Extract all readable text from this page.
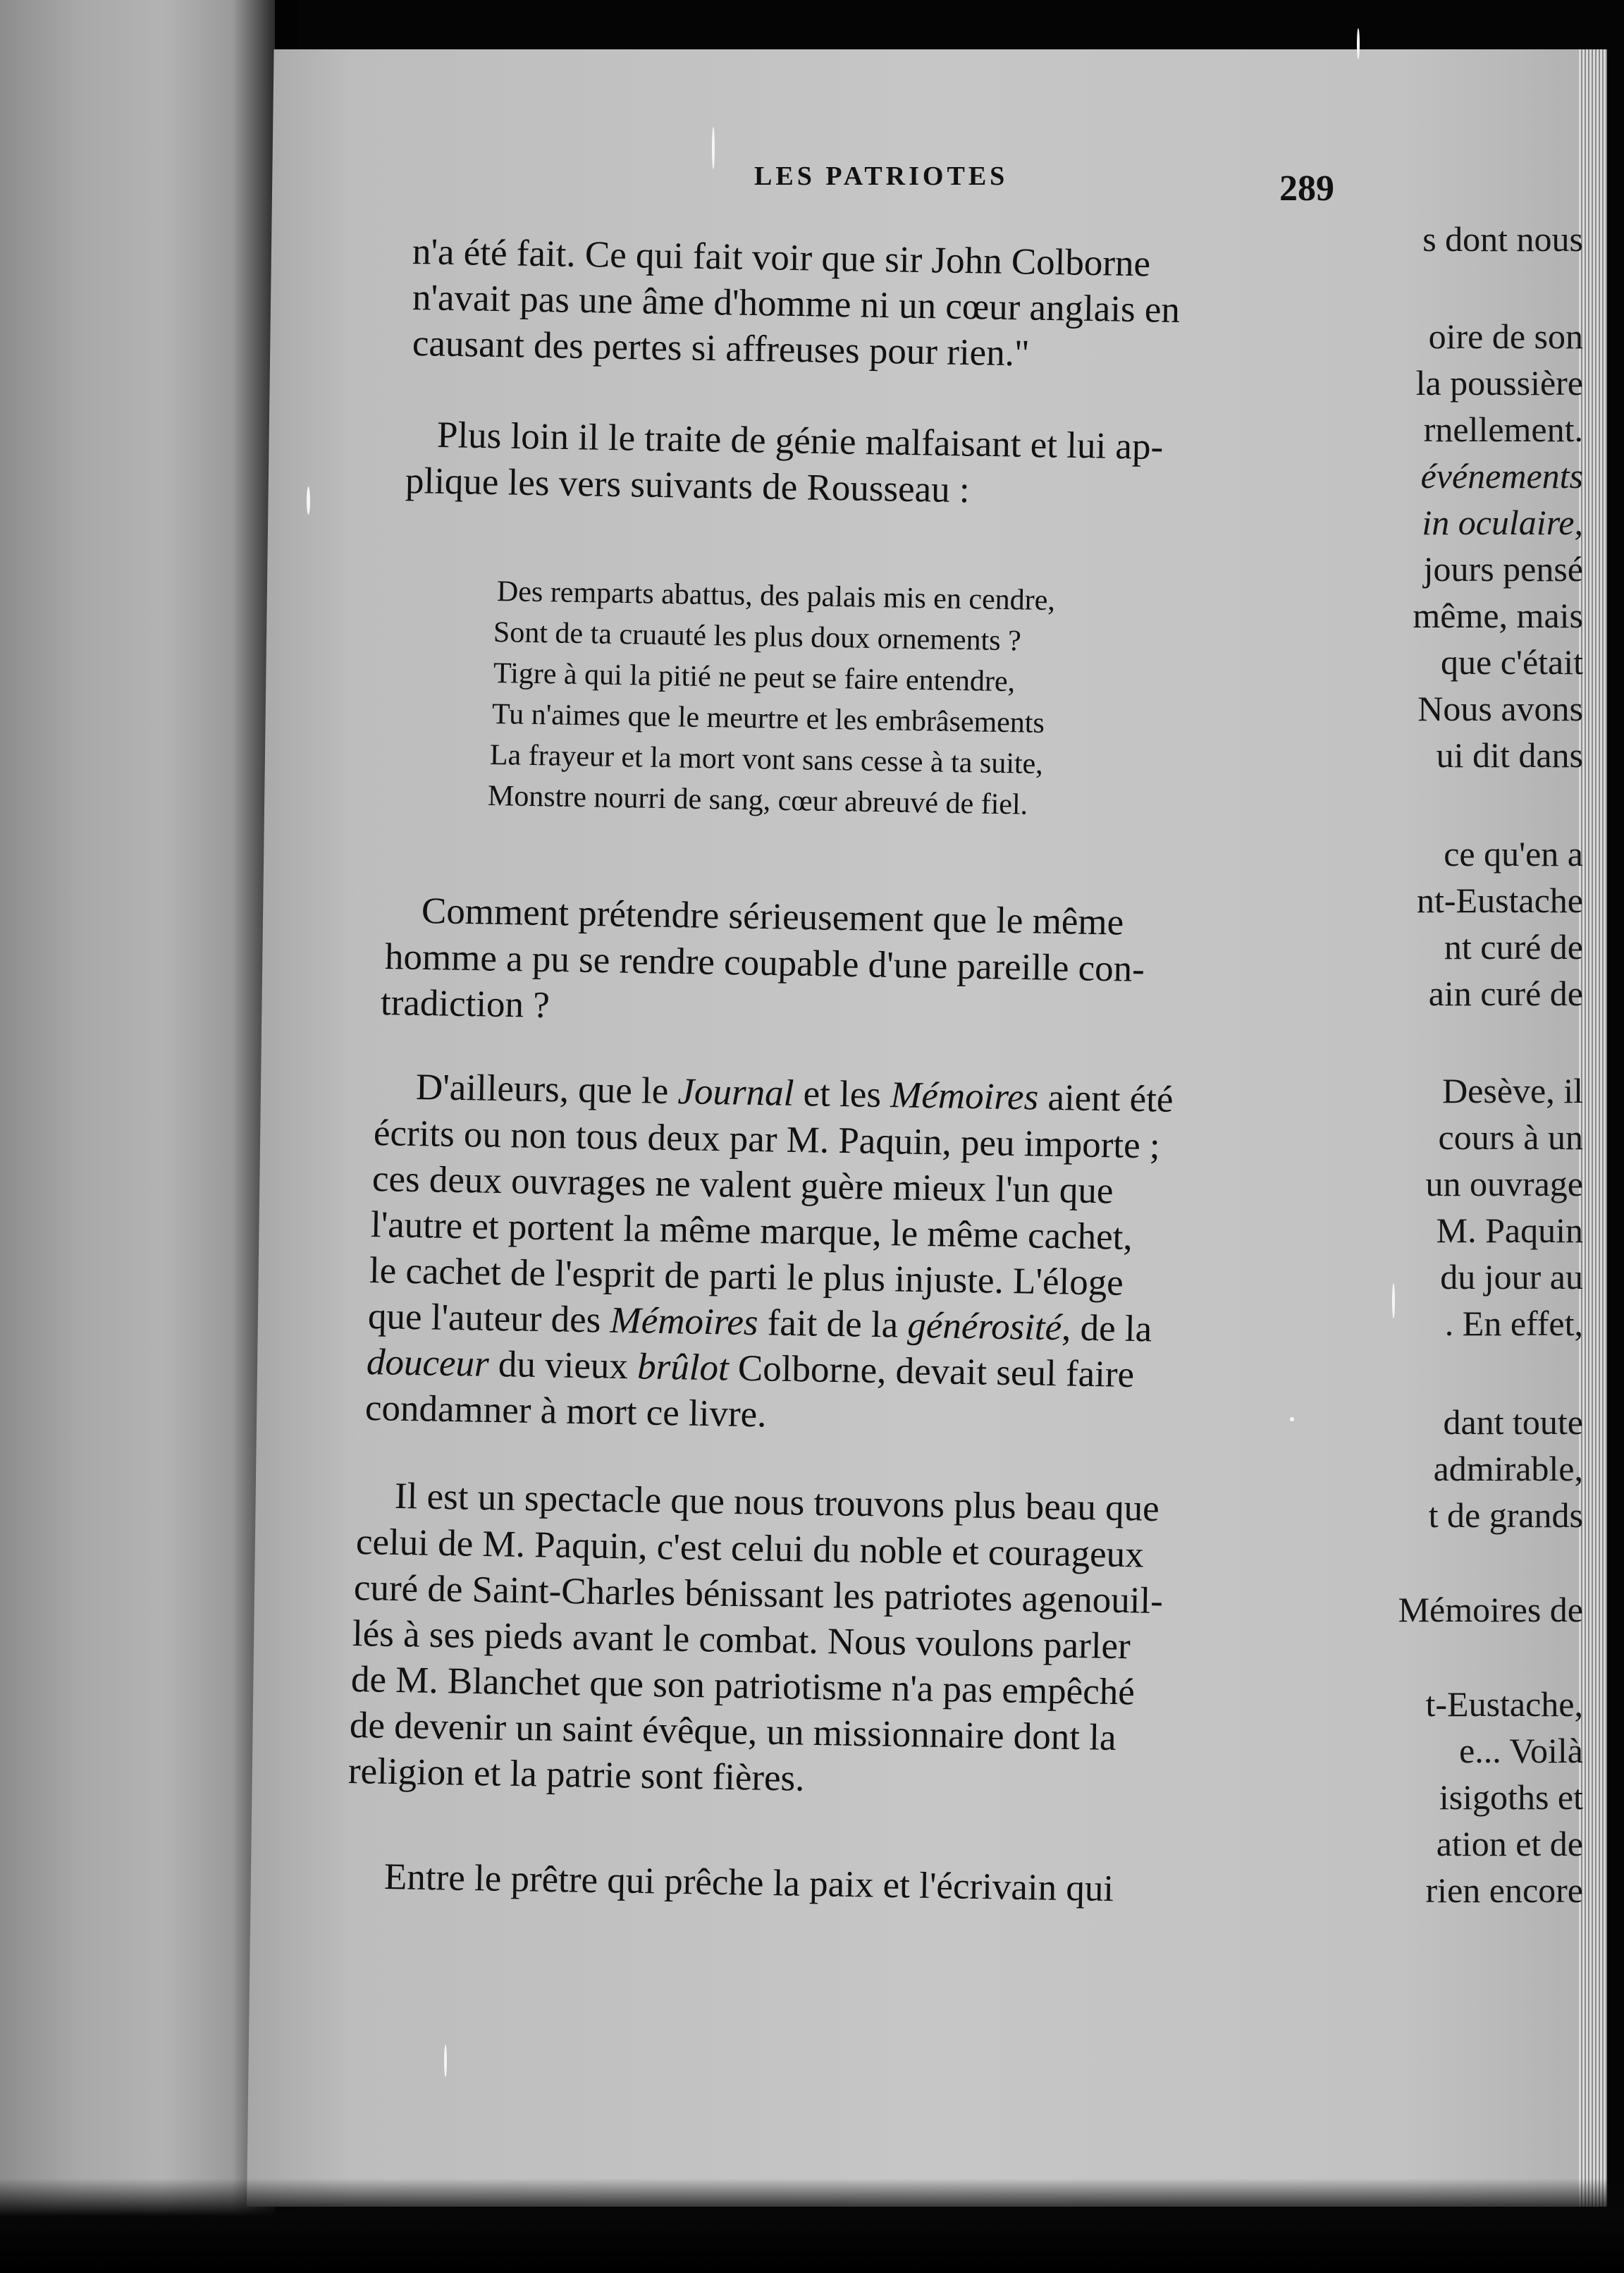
LES PATRIOTES	289
s dont nous
oire de son
la poussière
rnellement.
événements
in oculaire,
jours pensé
même, mais
que c'était
Nous avons
ui dit dans
ce qu'en a
nt-Eustache
nt curé de
ain curé de
Desève, il
cours à un
un ouvrage
M. Paquin
du jour au
. En effet,
dant toute
admirable,
t de grands
Mémoires de
t-Eustache,
e... Voilà
isigoths et
ation et de
rien encore
n'a été fait. Ce qui fait voir que sir John Colborne
n'avait pas une âme d'homme ni un cœur anglais en
causant des pertes si affreuses pour rien."
Plus loin il le traite de génie malfaisant et lui ap-
plique les vers suivants de Rousseau :
Des remparts abattus, des palais mis en cendre,
Sont de ta cruauté les plus doux ornements ?
Tigre à qui la pitié ne peut se faire entendre,
Tu n'aimes que le meurtre et les embrâsements
La frayeur et la mort vont sans cesse à ta suite,
Monstre nourri de sang, cœur abreuvé de fiel.
Comment prétendre sérieusement que le même
homme a pu se rendre coupable d'une pareille con-
tradiction ?
D'ailleurs, que le Journal et les Mémoires aient été
écrits ou non tous deux par M. Paquin, peu importe ;
ces deux ouvrages ne valent guère mieux l'un que
l'autre et portent la même marque, le même cachet,
le cachet de l'esprit de parti le plus injuste. L'éloge
que l'auteur des Mémoires fait de la générosité, de la
douceur du vieux brûlot Colborne, devait seul faire
condamner à mort ce livre.
Il est un spectacle que nous trouvons plus beau que
celui de M. Paquin, c'est celui du noble et courageux
curé de Saint-Charles bénissant les patriotes agenouil-
lés à ses pieds avant le combat. Nous voulons parler
de M. Blanchet que son patriotisme n'a pas empêché
de devenir un saint évêque, un missionnaire dont la
religion et la patrie sont fières.
Entre le prêtre qui prêche la paix et l'écrivain qui
